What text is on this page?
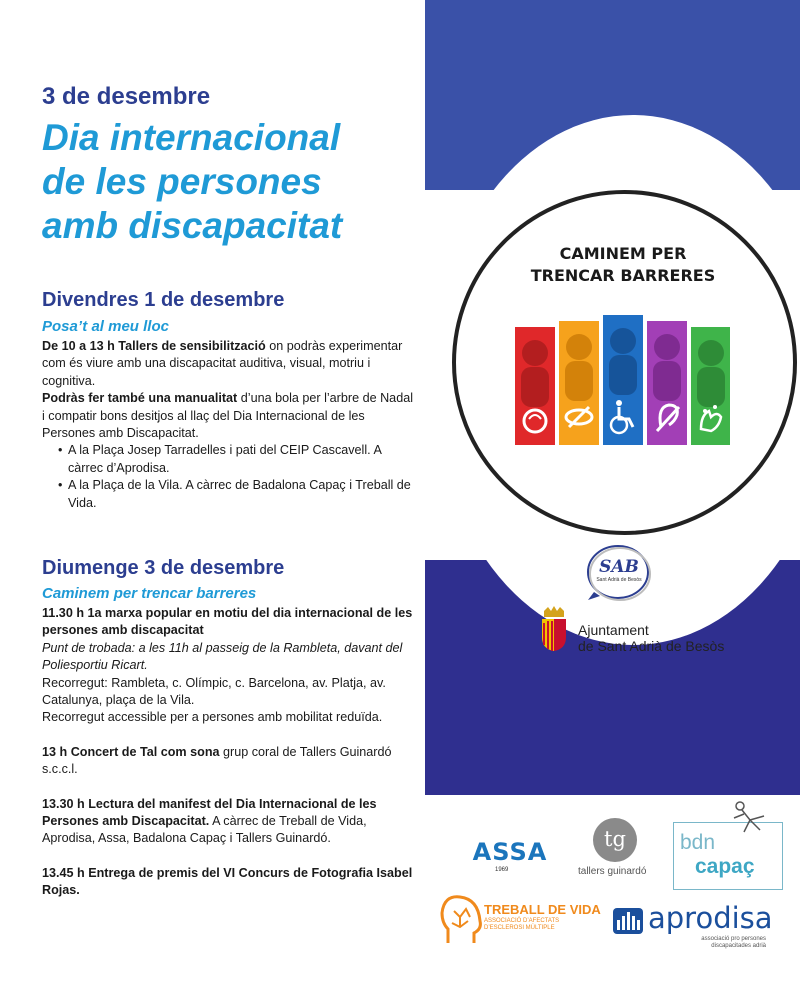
CAMINEM PER
TRENCAR BARRERES
SAB
Sant Adrià de Besòs
Ajuntament
de Sant Adrià de Besòs
3 de desembre
Dia internacional
de les persones
amb discapacitat
Divendres 1 de desembre
Posa’t al meu lloc

De 10 a 13 h Tallers de sensibilització on podràs experimentar com és viure amb una discapacitat auditiva, visual, motriu i cognitiva.

Podràs fer també una manualitat d’una bola per l’arbre de Nadal i compatir bons desitjos al llaç del Dia Internacional de les Persones amb Discapacitat.

• A la Plaça Josep Tarradelles i pati del CEIP Cascavell. A càrrec d’Aprodisa.
• A la Plaça de la Vila. A càrrec de Badalona Capaç i Treball de Vida.
Diumenge 3 de desembre
Caminem per trencar barreres

11.30 h 1a marxa popular en motiu del dia internacional de les persones amb discapacitat

Punt de trobada: a les 11h al passeig de la Rambleta, davant del Poliesportiu Ricart.

Recorregut: Rambleta, c. Olímpic, c. Barcelona, av. Platja, av. Catalunya, plaça de la Vila.

Recorregut accessible per a persones amb mobilitat reduïda.

13 h Concert de Tal com sona grup coral de Tallers Guinardó s.c.c.l.

13.30 h Lectura del manifest del Dia Internacional de les Persones amb Discapacitat. A càrrec de Treball de Vida, Aprodisa, Assa, Badalona Capaç i Tallers Guinardó.

13.45 h Entrega de premis del VI Concurs de Fotografia Isabel Rojas.

ASSA
1969
tg
tallers guinardó
bdn
capaç
TREBALL DE VIDA
ASSOCIACIÓ D’AFECTATS D’ESCLEROSI MÚLTIPLE	aprodisa
associació pro persones discapacitades adrià
